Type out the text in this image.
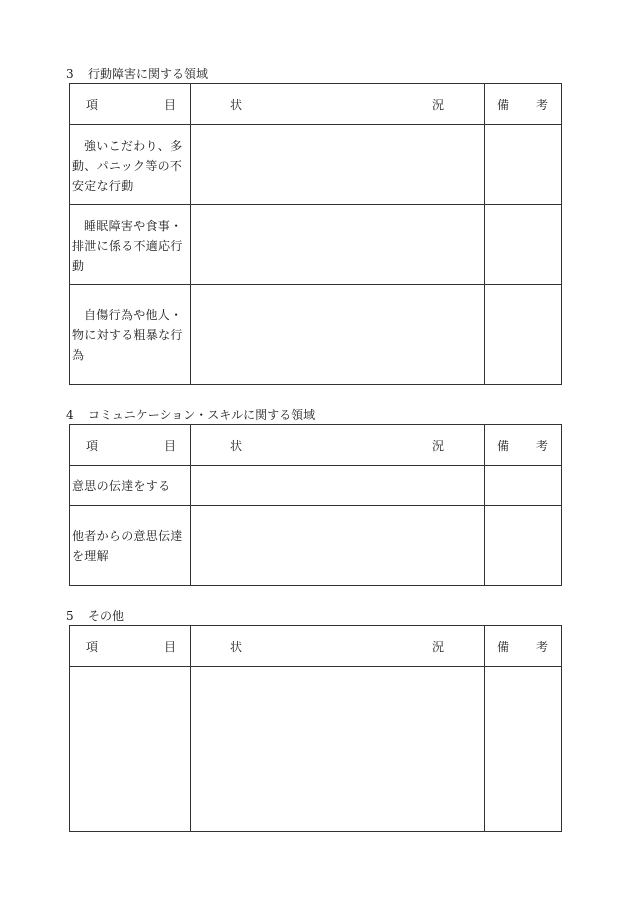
3 行動障害に関する領域
項 目	状 況	備 考

強いこだわり、多動、パニック等の不安定な行動		

睡眠障害や食事・排泄に係る不適応行動		

自傷行為や他人・物に対する粗暴な行為		

4 コミュニケーション・スキルに関する領域
項 目	状 況	備 考

意思の伝達をする		

他者からの意思伝達を理解		

5 その他
項 目	状 況	備 考
